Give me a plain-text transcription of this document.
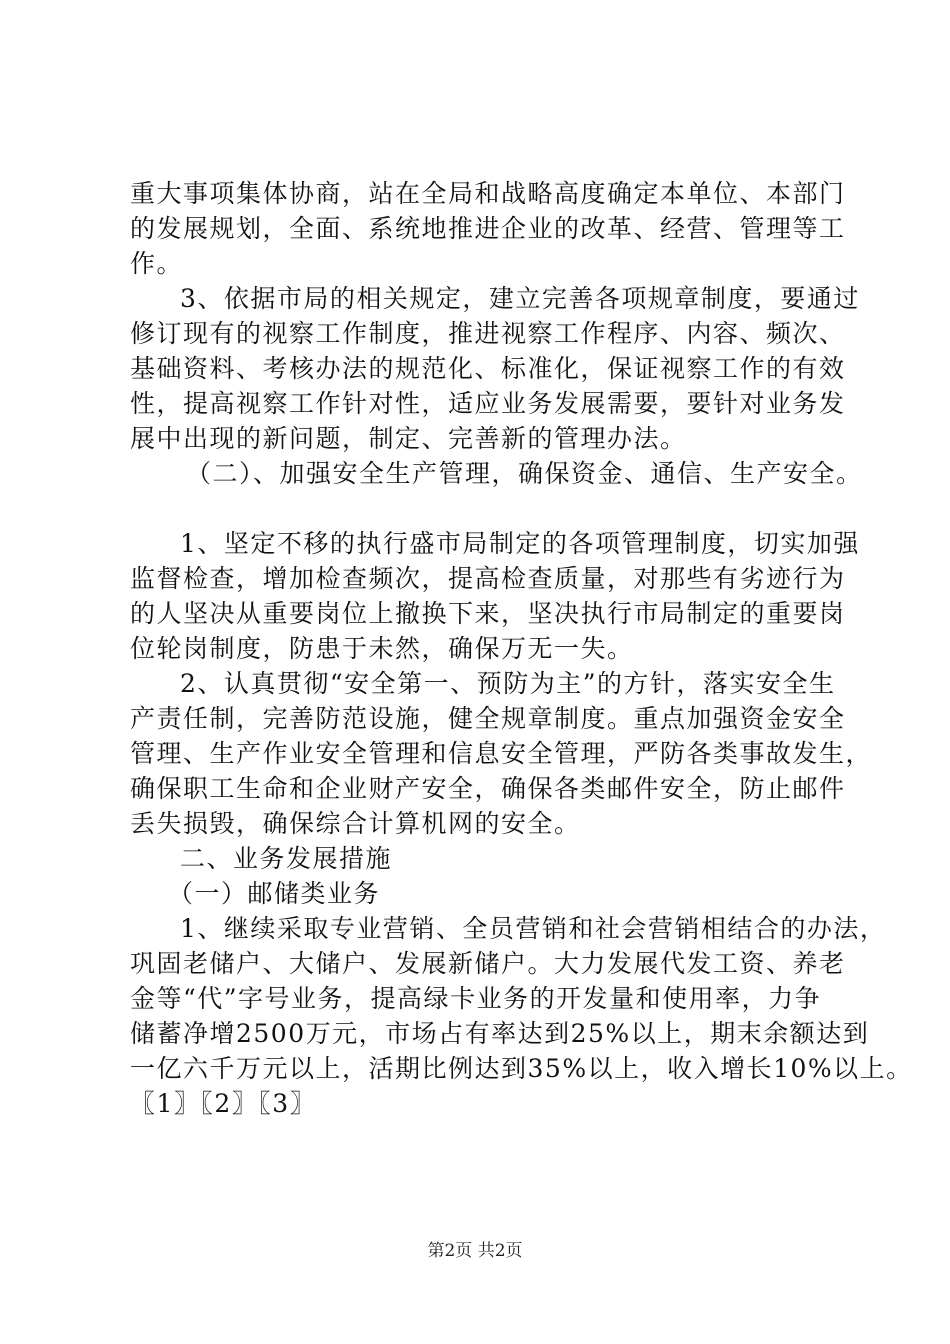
重大事项集体协商，站在全局和战略高度确定本单位、本部门
的发展规划，全面、系统地推进企业的改革、经营、管理等工
作。
3、依据市局的相关规定，建立完善各项规章制度，要通过
修订现有的视察工作制度，推进视察工作程序、内容、频次、
基础资料、考核办法的规范化、标准化，保证视察工作的有效
性，提高视察工作针对性，适应业务发展需要，要针对业务发
展中出现的新问题，制定、完善新的管理办法。
（二）、加强安全生产管理，确保资金、通信、生产安全。
1、坚定不移的执行盛市局制定的各项管理制度，切实加强
监督检查，增加检查频次，提高检查质量，对那些有劣迹行为
的人坚决从重要岗位上撤换下来，坚决执行市局制定的重要岗
位轮岗制度，防患于未然，确保万无一失。
2、认真贯彻“安全第一、预防为主”的方针，落实安全生
产责任制，完善防范设施，健全规章制度。重点加强资金安全
管理、生产作业安全管理和信息安全管理，严防各类事故发生，
确保职工生命和企业财产安全，确保各类邮件安全，防止邮件
丢失损毁，确保综合计算机网的安全。
二、业务发展措施
（一）邮储类业务
1、继续采取专业营销、全员营销和社会营销相结合的办法，
巩固老储户、大储户、发展新储户。大力发展代发工资、养老
金等“代”字号业务，提高绿卡业务的开发量和使用率，力争
储蓄净增2500万元，市场占有率达到25%以上，期末余额达到
一亿六千万元以上，活期比例达到35%以上，收入增长10%以上。
〖1〗〖2〗〖3〗
第2页 共2页
